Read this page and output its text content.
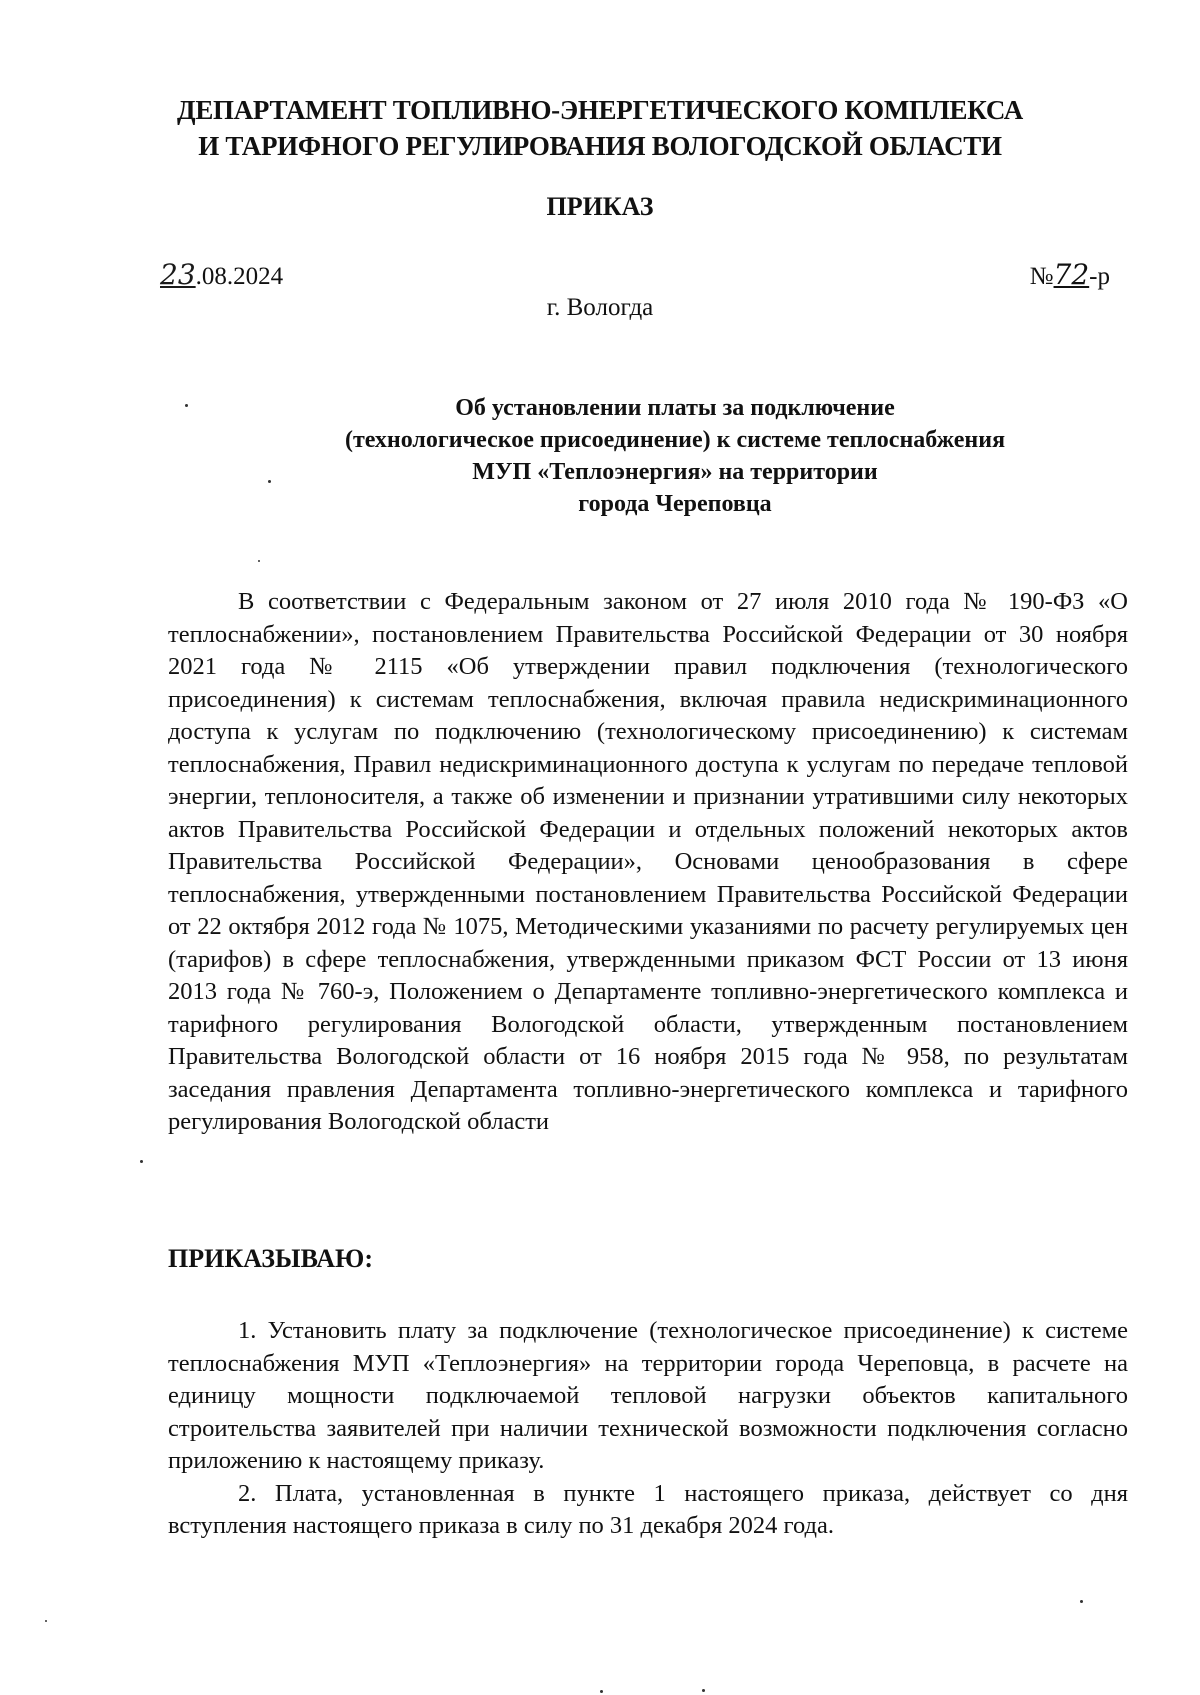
ДЕПАРТАМЕНТ ТОПЛИВНО-ЭНЕРГЕТИЧЕСКОГО КОМПЛЕКСА
И ТАРИФНОГО РЕГУЛИРОВАНИЯ ВОЛОГОДСКОЙ ОБЛАСТИ
ПРИКАЗ
23.08.2024	№72-р
г. Вологда
Об установлении платы за подключение
(технологическое присоединение) к системе теплоснабжения
МУП «Теплоэнергия» на территории
города Череповца

В соответствии с Федеральным законом от 27 июля 2010 года № 190-ФЗ «О теплоснабжении», постановлением Правительства Российской Федерации от 30 ноября 2021 года № 2115 «Об утверждении правил подключения (технологического присоединения) к системам теплоснабжения, включая правила недискриминационного доступа к услугам по подключению (технологическому присоединению) к системам теплоснабжения, Правил недискриминационного доступа к услугам по передаче тепловой энергии, теплоносителя, а также об изменении и признании утратившими силу некоторых актов Правительства Российской Федерации и отдельных положений некоторых актов Правительства Российской Федерации», Основами ценообразования в сфере теплоснабжения, утвержденными постановлением Правительства Российской Федерации от 22 октября 2012 года № 1075, Методическими указаниями по расчету регулируемых цен (тарифов) в сфере теплоснабжения, утвержденными приказом ФСТ России от 13 июня 2013 года № 760-э, Положением о Департаменте топливно-энергетического комплекса и тарифного регулирования Вологодской области, утвержденным постановлением Правительства Вологодской области от 16 ноября 2015 года № 958, по результатам заседания правления Департамента топливно-энергетического комплекса и тарифного регулирования Вологодской области

ПРИКАЗЫВАЮ:

1. Установить плату за подключение (технологическое присоединение) к системе теплоснабжения МУП «Теплоэнергия» на территории города Череповца, в расчете на единицу мощности подключаемой тепловой нагрузки объектов капитального строительства заявителей при наличии технической возможности подключения согласно приложению к настоящему приказу.

2. Плата, установленная в пункте 1 настоящего приказа, действует со дня вступления настоящего приказа в силу по 31 декабря 2024 года.
